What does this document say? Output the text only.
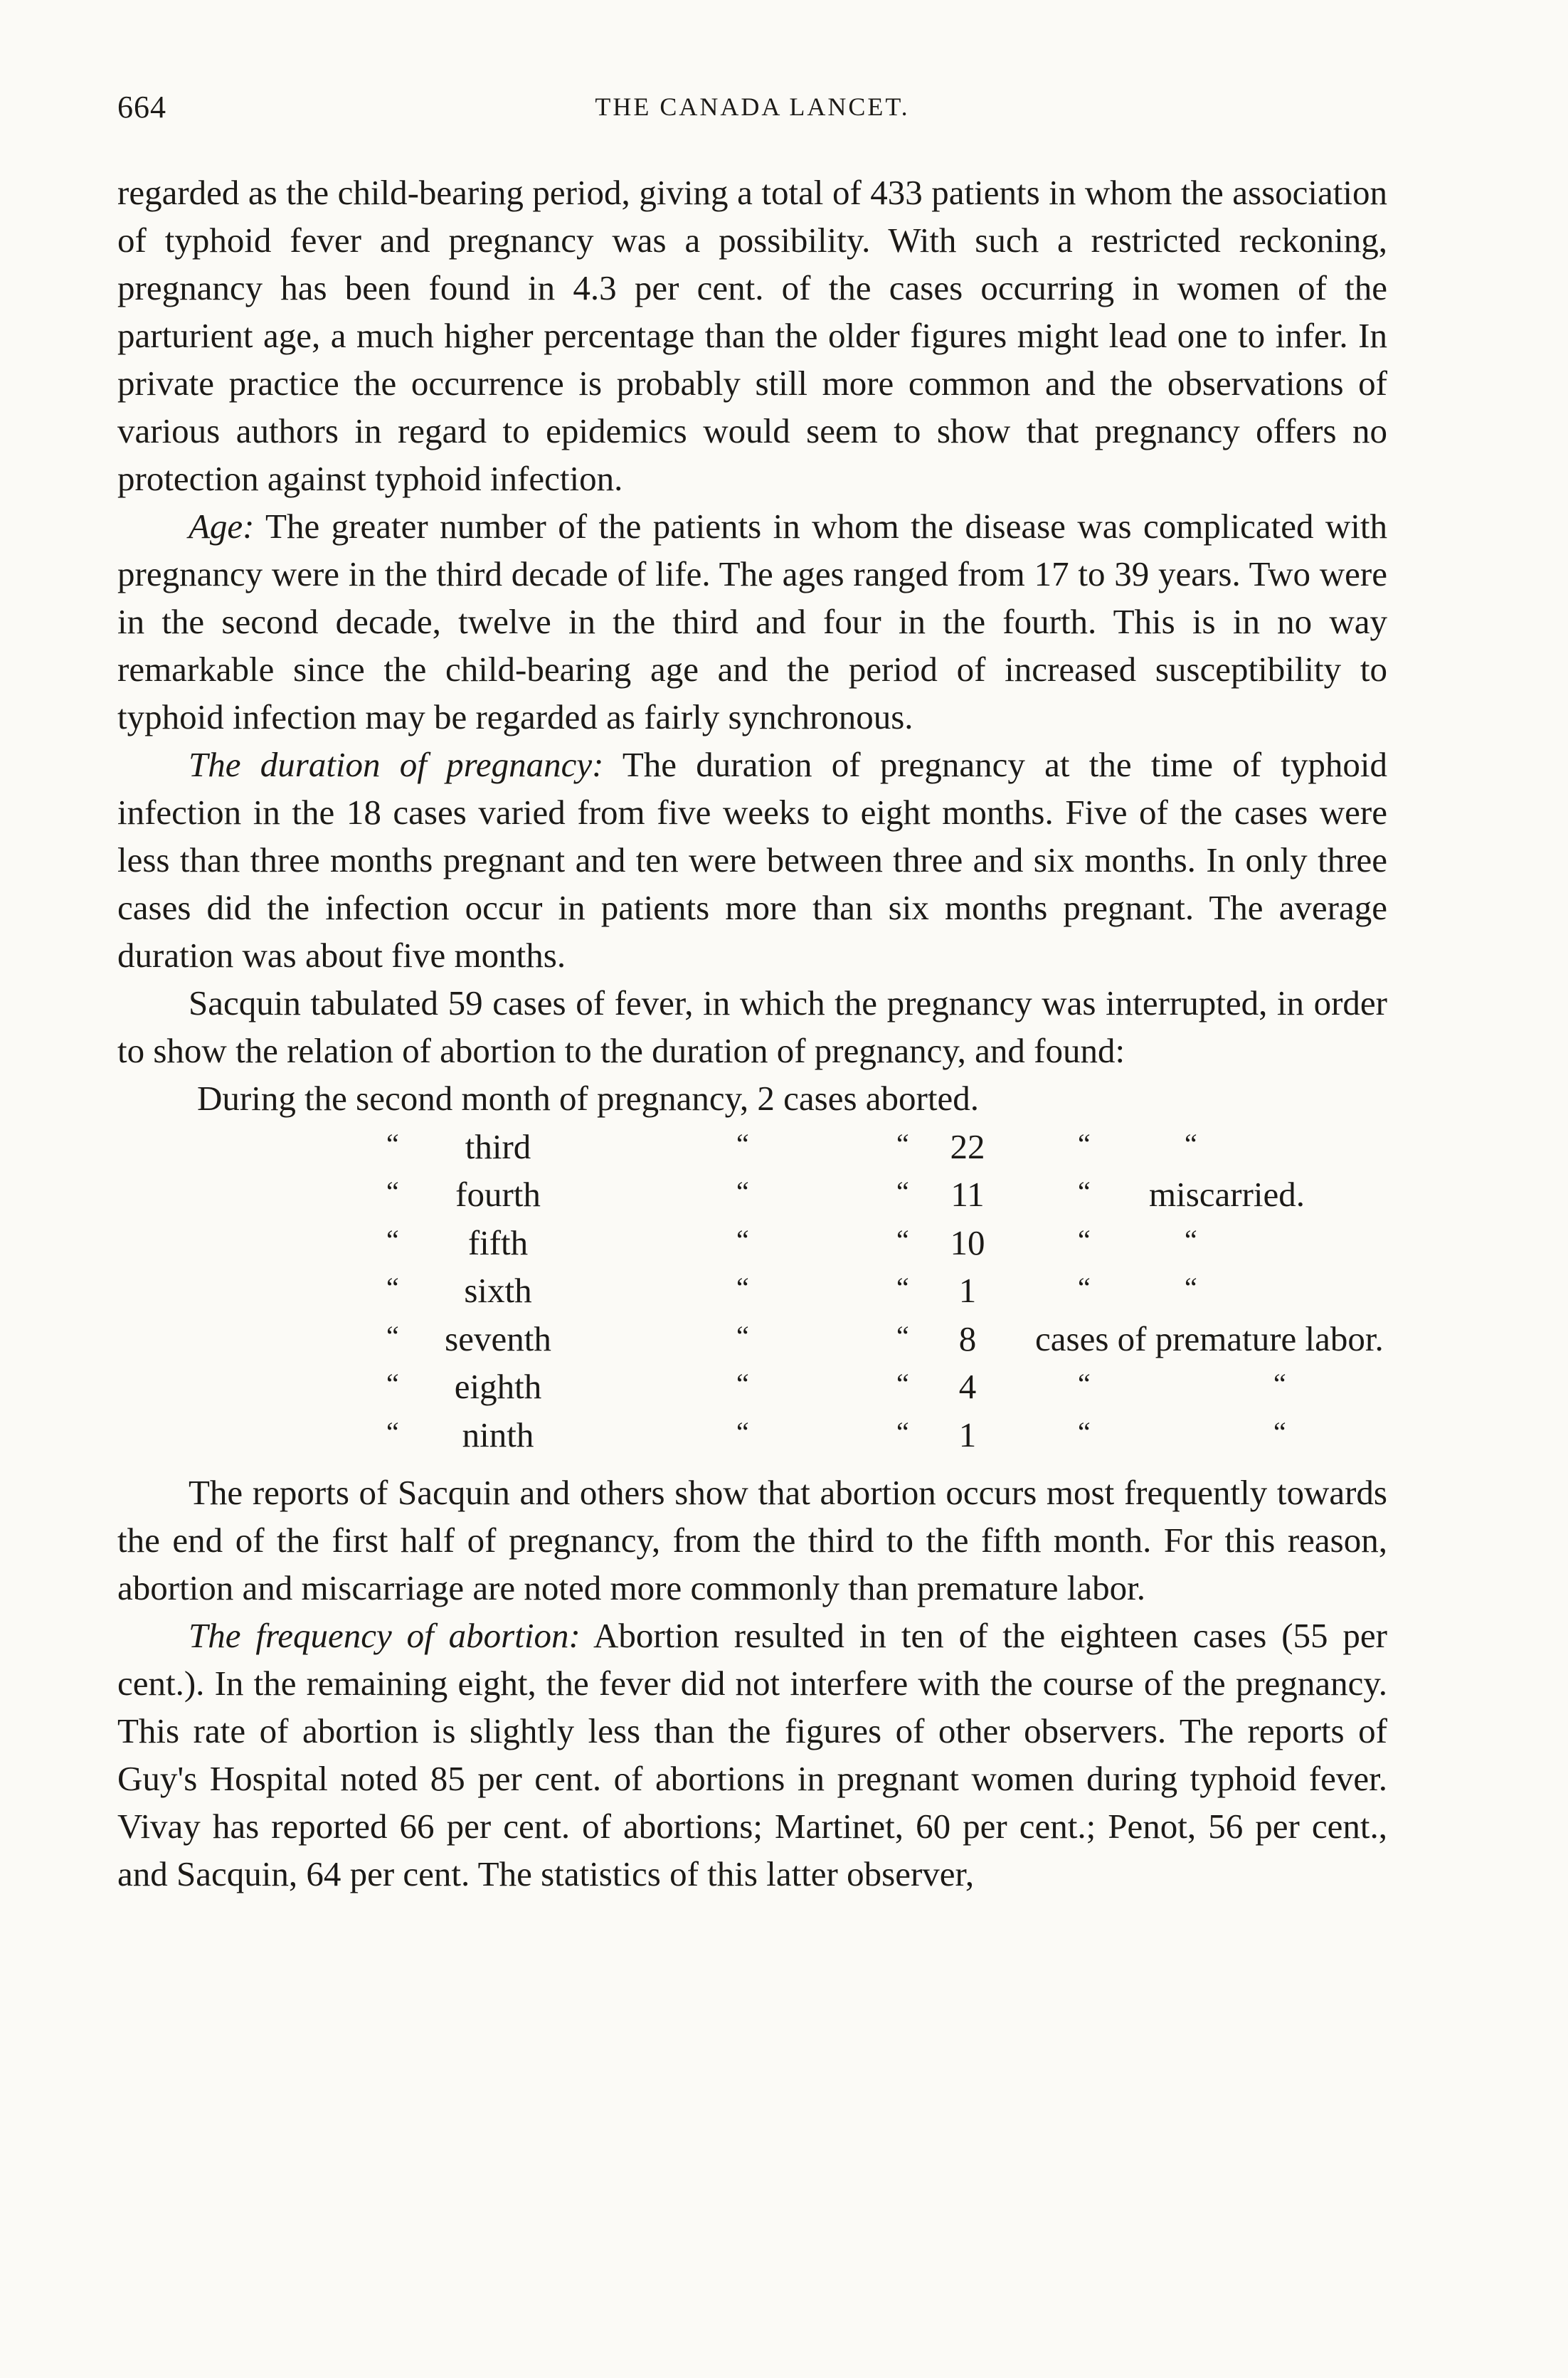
664	THE CANADA LANCET.

regarded as the child-bearing period, giving a total of 433 patients in whom the association of typhoid fever and pregnancy was a possibility. With such a restricted reckoning, pregnancy has been found in 4.3 per cent. of the cases occurring in women of the parturient age, a much higher percentage than the older figures might lead one to infer. In private practice the occurrence is probably still more common and the observations of various authors in regard to epidemics would seem to show that pregnancy offers no protection against typhoid infection.

Age: The greater number of the patients in whom the disease was complicated with pregnancy were in the third decade of life. The ages ranged from 17 to 39 years. Two were in the second decade, twelve in the third and four in the fourth. This is in no way remarkable since the child-bearing age and the period of increased susceptibility to typhoid infection may be regarded as fairly synchronous.

The duration of pregnancy: The duration of pregnancy at the time of typhoid infection in the 18 cases varied from five weeks to eight months. Five of the cases were less than three months pregnant and ten were between three and six months. In only three cases did the infection occur in patients more than six months pregnant. The average duration was about five months.

Sacquin tabulated 59 cases of fever, in which the pregnancy was interrupted, in order to show the relation of abortion to the duration of pregnancy, and found:

During the second month of pregnancy, 2 cases aborted.
“	third	“	“	22	“	“
“	fourth	“	“	11	“ miscarried.
“	fifth	“	“	10	“	“
“	sixth	“	“	1	“	“
“	seventh	“	“	8	cases of premature labor.
“	eighth	“	“	4	“	“
“	ninth	“	“	1	“	“

The reports of Sacquin and others show that abortion occurs most frequently towards the end of the first half of pregnancy, from the third to the fifth month. For this reason, abortion and miscarriage are noted more commonly than premature labor.

The frequency of abortion: Abortion resulted in ten of the eighteen cases (55 per cent.). In the remaining eight, the fever did not interfere with the course of the pregnancy. This rate of abortion is slightly less than the figures of other observers. The reports of Guy's Hospital noted 85 per cent. of abortions in pregnant women during typhoid fever. Vivay has reported 66 per cent. of abortions; Martinet, 60 per cent.; Penot, 56 per cent., and Sacquin, 64 per cent. The statistics of this latter observer,
